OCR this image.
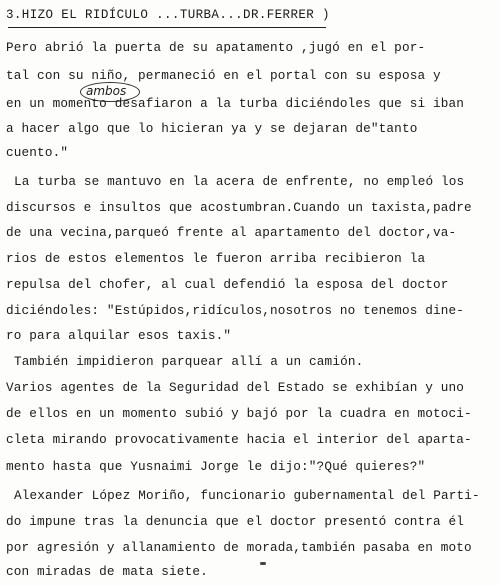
3.HIZO EL RIDÍCULO ...TURBA...DR.FERRER )
ambos
Pero abrió la puerta de su apatamento ,jugó en el por-
tal con su niño, permaneció en el portal con su esposa y
en un momento desafiaron a la turba diciéndoles que si iban
a hacer algo que lo hicieran ya y se dejaran de"tanto
cuento."
La turba se mantuvo en la acera de enfrente, no empleó los
discursos e insultos que acostumbran.Cuando un taxista,padre
de una vecina,parqueó frente al apartamento del doctor,va-
rios de estos elementos le fueron arriba recibieron la
repulsa del chofer, al cual defendió la esposa del doctor
diciéndoles: "Estúpidos,ridículos,nosotros no tenemos dine-
ro para alquilar esos taxis."
También impidieron parquear allí a un camión.
Varios agentes de la Seguridad del Estado se exhibían y uno
de ellos en un momento subió y bajó por la cuadra en motoci-
cleta mirando provocativamente hacia el interior del aparta-
mento hasta que Yusnaimi Jorge le dijo:"?Qué quieres?"
Alexander López Moriño, funcionario gubernamental del Parti-
do impune tras la denuncia que el doctor presentó contra él
por agresión y allanamiento de morada,también pasaba en moto
con miradas de mata siete.
